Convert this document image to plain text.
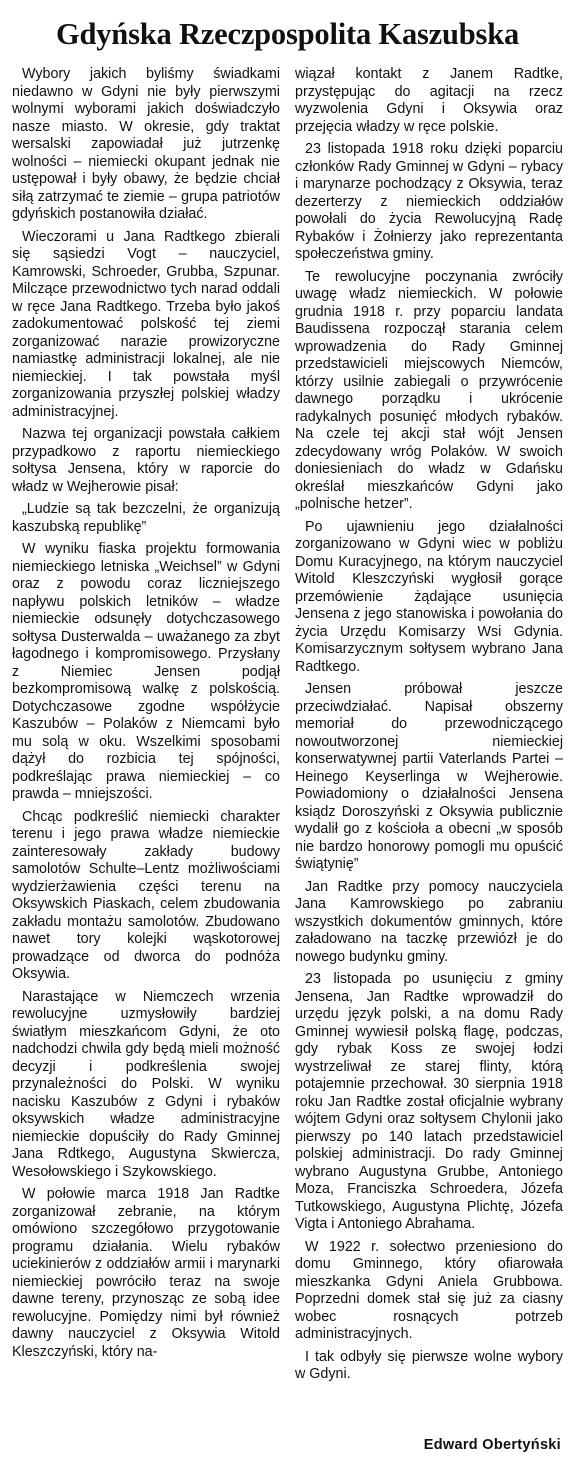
Gdyńska Rzeczpospolita Kaszubska

Wybory jakich byliśmy świadkami niedawno w Gdyni nie były pierwszymi wolnymi wyborami jakich doświadczyło nasze miasto. W okresie, gdy traktat wersalski zapowiadał już jutrzenkę wolności – niemiecki okupant jednak nie ustępował i były obawy, że będzie chciał siłą zatrzymać te ziemie – grupa patriotów gdyńskich postanowiła działać.

Wieczorami u Jana Radtkego zbierali się sąsiedzi Vogt – nauczyciel, Kamrowski, Schroeder, Grubba, Szpunar. Milczące przewodnictwo tych narad oddali w ręce Jana Radtkego. Trzeba było jakoś zadokumentować polskość tej ziemi zorganizować narazie prowizoryczne namiastkę administracji lokalnej, ale nie niemieckiej. I tak powstała myśl zorganizowania przyszłej polskiej władzy administracyjnej.

Nazwa tej organizacji powstała całkiem przypadkowo z raportu niemieckiego sołtysa Jensena, który w raporcie do władz w Wejherowie pisał:

„Ludzie są tak bezczelni, że organizują kaszubską republikę”

W wyniku fiaska projektu formowania niemieckiego letniska „Weichsel” w Gdyni oraz z powodu coraz liczniejszego napływu polskich letników – władze niemieckie odsunęły dotychczasowego sołtysa Dusterwalda – uważanego za zbyt łagodnego i kompromisowego. Przysłany z Niemiec Jensen podjął bezkompromisową walkę z polskością. Dotychczasowe zgodne współżycie Kaszubów – Polaków z Niemcami było mu solą w oku. Wszelkimi sposobami dążył do rozbicia tej spójności, podkreślając prawa niemieckiej – co prawda – mniejszości.

Chcąc podkreślić niemiecki charakter terenu i jego prawa władze niemieckie zainteresowały zakłady budowy samolotów Schulte–Lentz możliwościami wydzierżawienia części terenu na Oksywskich Piaskach, celem zbudowania zakładu montażu samolotów. Zbudowano nawet tory kolejki wąskotorowej prowadzące od dworca do podnóża Oksywia.

Narastające w Niemczech wrzenia rewolucyjne uzmysłowiły bardziej światłym mieszkańcom Gdyni, że oto nadchodzi chwila gdy będą mieli możność decyzji i podkreślenia swojej przynależności do Polski. W wyniku nacisku Kaszubów z Gdyni i rybaków oksywskich władze administracyjne niemieckie dopuściły do Rady Gminnej Jana Rdtkego, Augustyna Skwiercza, Wesołowskiego i Szykowskiego.

W połowie marca 1918 Jan Radtke zorganizował zebranie, na którym omówiono szczegółowo przygotowanie programu działania. Wielu rybaków uciekinierów z oddziałów armii i marynarki niemieckiej powróciło teraz na swoje dawne tereny, przynosząc ze sobą idee rewolucyjne. Pomiędzy nimi był również dawny nauczyciel z Oksywia Witold Kleszczyński, który na-

wiązał kontakt z Janem Radtke, przystępując do agitacji na rzecz wyzwolenia Gdyni i Oksywia oraz przejęcia władzy w ręce polskie.

23 listopada 1918 roku dzięki poparciu członków Rady Gminnej w Gdyni – rybacy i marynarze pochodzący z Oksywia, teraz dezerterzy z niemieckich oddziałów powołali do życia Rewolucyjną Radę Rybaków i Żołnierzy jako reprezentanta społeczeństwa gminy.

Te rewolucyjne poczynania zwróciły uwagę władz niemieckich. W połowie grudnia 1918 r. przy poparciu landata Baudissena rozpoczął starania celem wprowadzenia do Rady Gminnej przedstawicieli miejscowych Niemców, którzy usilnie zabiegali o przywrócenie dawnego porządku i ukrócenie radykalnych posunięć młodych rybaków. Na czele tej akcji stał wójt Jensen zdecydowany wróg Polaków. W swoich doniesieniach do władz w Gdańsku określał mieszkańców Gdyni jako „polnische hetzer”.

Po ujawnieniu jego działalności zorganizowano w Gdyni wiec w pobliżu Domu Kuracyjnego, na którym nauczyciel Witold Kleszczyński wygłosił gorące przemówienie żądające usunięcia Jensena z jego stanowiska i powołania do życia Urzędu Komisarzy Wsi Gdynia. Komisarzycznym sołtysem wybrano Jana Radtkego.

Jensen próbował jeszcze przeciwdziałać. Napisał obszerny memoriał do przewodniczącego nowoutworzonej niemieckiej konserwatywnej partii Vaterlands Partei – Heinego Keyserlinga w Wejherowie. Powiadomiony o działalności Jensena ksiądz Doroszyński z Oksywia publicznie wydalił go z kościoła a obecni „w sposób nie bardzo honorowy pomogli mu opuścić świątynię”

Jan Radtke przy pomocy nauczyciela Jana Kamrowskiego po zabraniu wszystkich dokumentów gminnych, które załadowano na taczkę przewiózł je do nowego budynku gminy.

23 listopada po usunięciu z gminy Jensena, Jan Radtke wprowadził do urzędu język polski, a na domu Rady Gminnej wywiesił polską flagę, podczas, gdy rybak Koss ze swojej łodzi wystrzeliwał ze starej flinty, którą potajemnie przechował. 30 sierpnia 1918 roku Jan Radtke został oficjalnie wybrany wójtem Gdyni oraz sołtysem Chylonii jako pierwszy po 140 latach przedstawiciel polskiej administracji. Do rady Gminnej wybrano Augustyna Grubbe, Antoniego Moza, Franciszka Schroedera, Józefa Tutkowskiego, Augustyna Plichtę, Józefa Vigta i Antoniego Abrahama.

W 1922 r. sołectwo przeniesiono do domu Gminnego, który ofiarowała mieszkanka Gdyni Aniela Grubbowa. Poprzedni domek stał się już za ciasny wobec rosnących potrzeb administracyjnych.

I tak odbyły się pierwsze wolne wybory w Gdyni.

Edward Obertyński
